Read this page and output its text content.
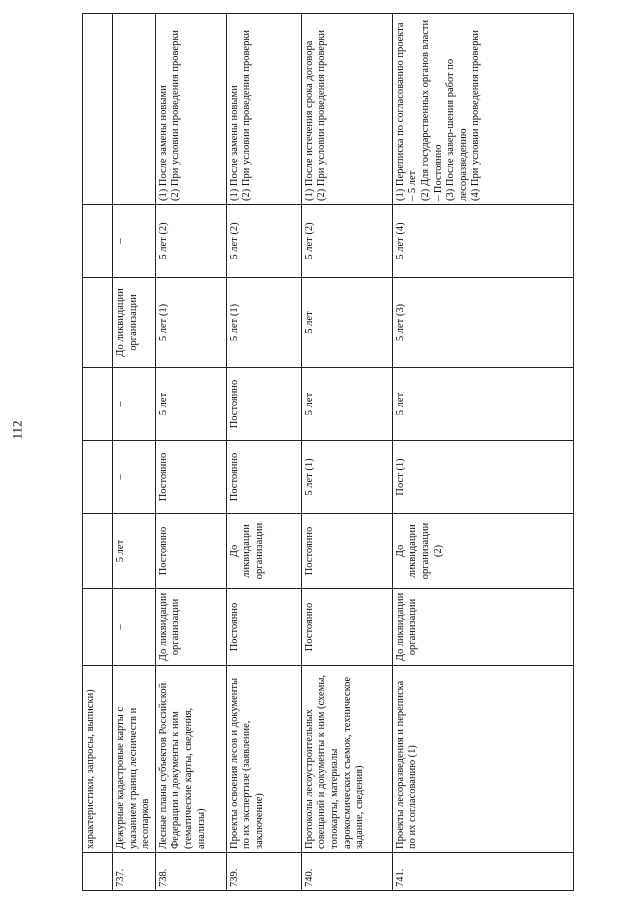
112
	характеристики, запросы, выписки)								
737.	Дежурные кадастровые карты с указанием границ лесничеств и лесопарков	–	5 лет	–	–	До ликвидации организации	–		
738.	Лесные планы субъектов Российской Федерации и документы к ним (тематические карты, сведения, анализы)	До ликвидации организации	Постоянно	Постоянно	5 лет	5 лет (1)	5 лет (2)		(1) После замены новыми (2) При условии проведения проверки
739.	Проекты освоения лесов и документы по их экспертизе (заявление, заключение)	Постоянно	До ликвидации организации	Постоянно	Постоянно	5 лет (1)	5 лет (2)		(1) После замены новыми (2) При условии проведения проверки
740.	Протоколы лесоустроительных совещаний и документы к ним (схемы, топокарты, материалы аэрокосмических съемок, техническое задание, сведения)	Постоянно	Постоянно	5 лет (1)	5 лет	5 лет	5 лет (2)		(1) После истечения срока договора (2) При условии проведения проверки
741.	Проекты лесоразведения и переписка по их согласованию (1)	До ликвидации организации	До ликвидации организации (2)	Пост (1)	5 лет	5 лет (3)	5 лет (4)		(1) Переписка по согласованию проекта – 5 лет (2) Для государственных органов власти – Постоянно (3) После завер-шения работ по лесоразведению (4) При условии проведения проверки
